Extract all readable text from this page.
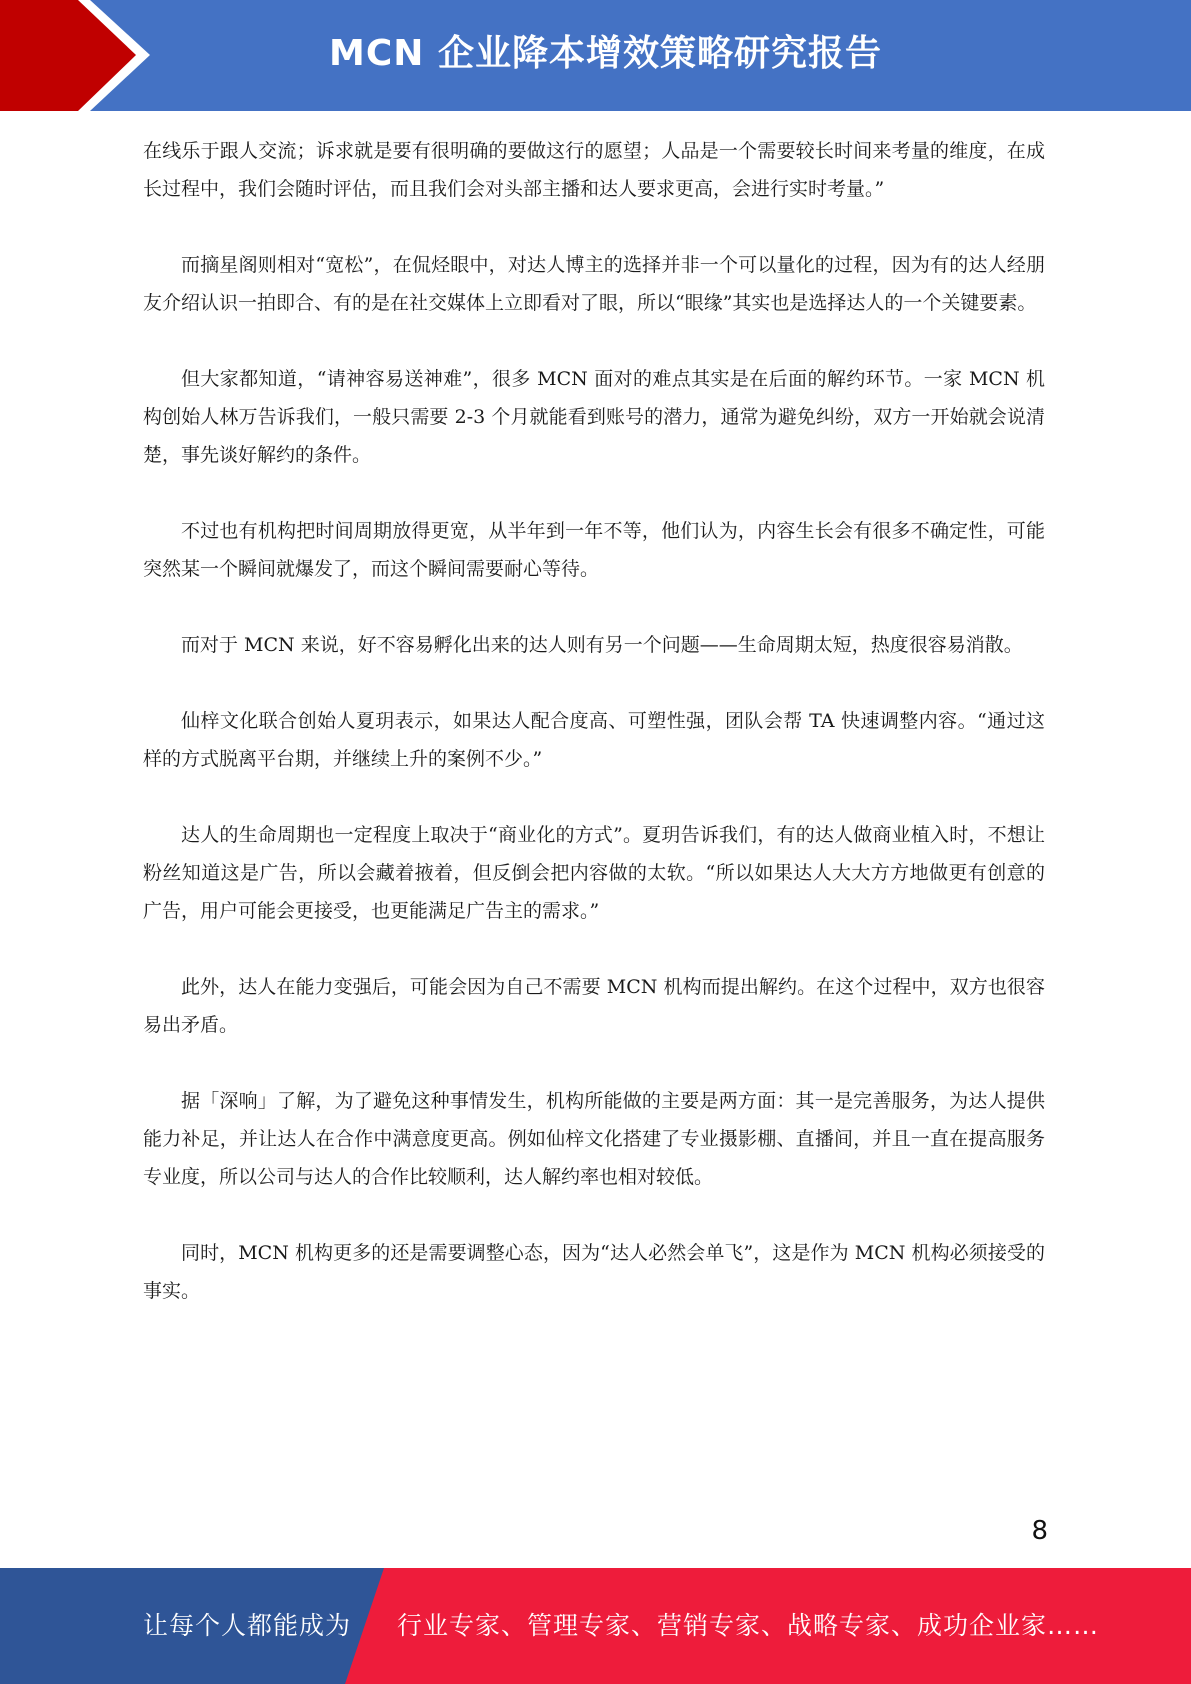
MCN 企业降本增效策略研究报告

在线乐于跟人交流；诉求就是要有很明确的要做这行的愿望；人品是一个需要较长时间来考量的维度，在成长过程中，我们会随时评估，而且我们会对头部主播和达人要求更高，会进行实时考量。”

而摘星阁则相对“宽松”，在侃烃眼中，对达人博主的选择并非一个可以量化的过程，因为有的达人经朋友介绍认识一拍即合、有的是在社交媒体上立即看对了眼，所以“眼缘”其实也是选择达人的一个关键要素。

但大家都知道，“请神容易送神难”，很多 MCN 面对的难点其实是在后面的解约环节。一家 MCN 机构创始人林万告诉我们，一般只需要 2-3 个月就能看到账号的潜力，通常为避免纠纷，双方一开始就会说清楚，事先谈好解约的条件。

不过也有机构把时间周期放得更宽，从半年到一年不等，他们认为，内容生长会有很多不确定性，可能突然某一个瞬间就爆发了，而这个瞬间需要耐心等待。

而对于 MCN 来说，好不容易孵化出来的达人则有另一个问题——生命周期太短，热度很容易消散。

仙梓文化联合创始人夏玥表示，如果达人配合度高、可塑性强，团队会帮 TA 快速调整内容。“通过这样的方式脱离平台期，并继续上升的案例不少。”

达人的生命周期也一定程度上取决于“商业化的方式”。夏玥告诉我们，有的达人做商业植入时，不想让粉丝知道这是广告，所以会藏着掖着，但反倒会把内容做的太软。“所以如果达人大大方方地做更有创意的广告，用户可能会更接受，也更能满足广告主的需求。”

此外，达人在能力变强后，可能会因为自己不需要 MCN 机构而提出解约。在这个过程中，双方也很容易出矛盾。

据「深响」了解，为了避免这种事情发生，机构所能做的主要是两方面：其一是完善服务，为达人提供能力补足，并让达人在合作中满意度更高。例如仙梓文化搭建了专业摄影棚、直播间，并且一直在提高服务专业度，所以公司与达人的合作比较顺利，达人解约率也相对较低。

同时，MCN 机构更多的还是需要调整心态，因为“达人必然会单飞”，这是作为 MCN 机构必须接受的事实。

8
让每个人都能成为 行业专家、管理专家、营销专家、战略专家、成功企业家……
